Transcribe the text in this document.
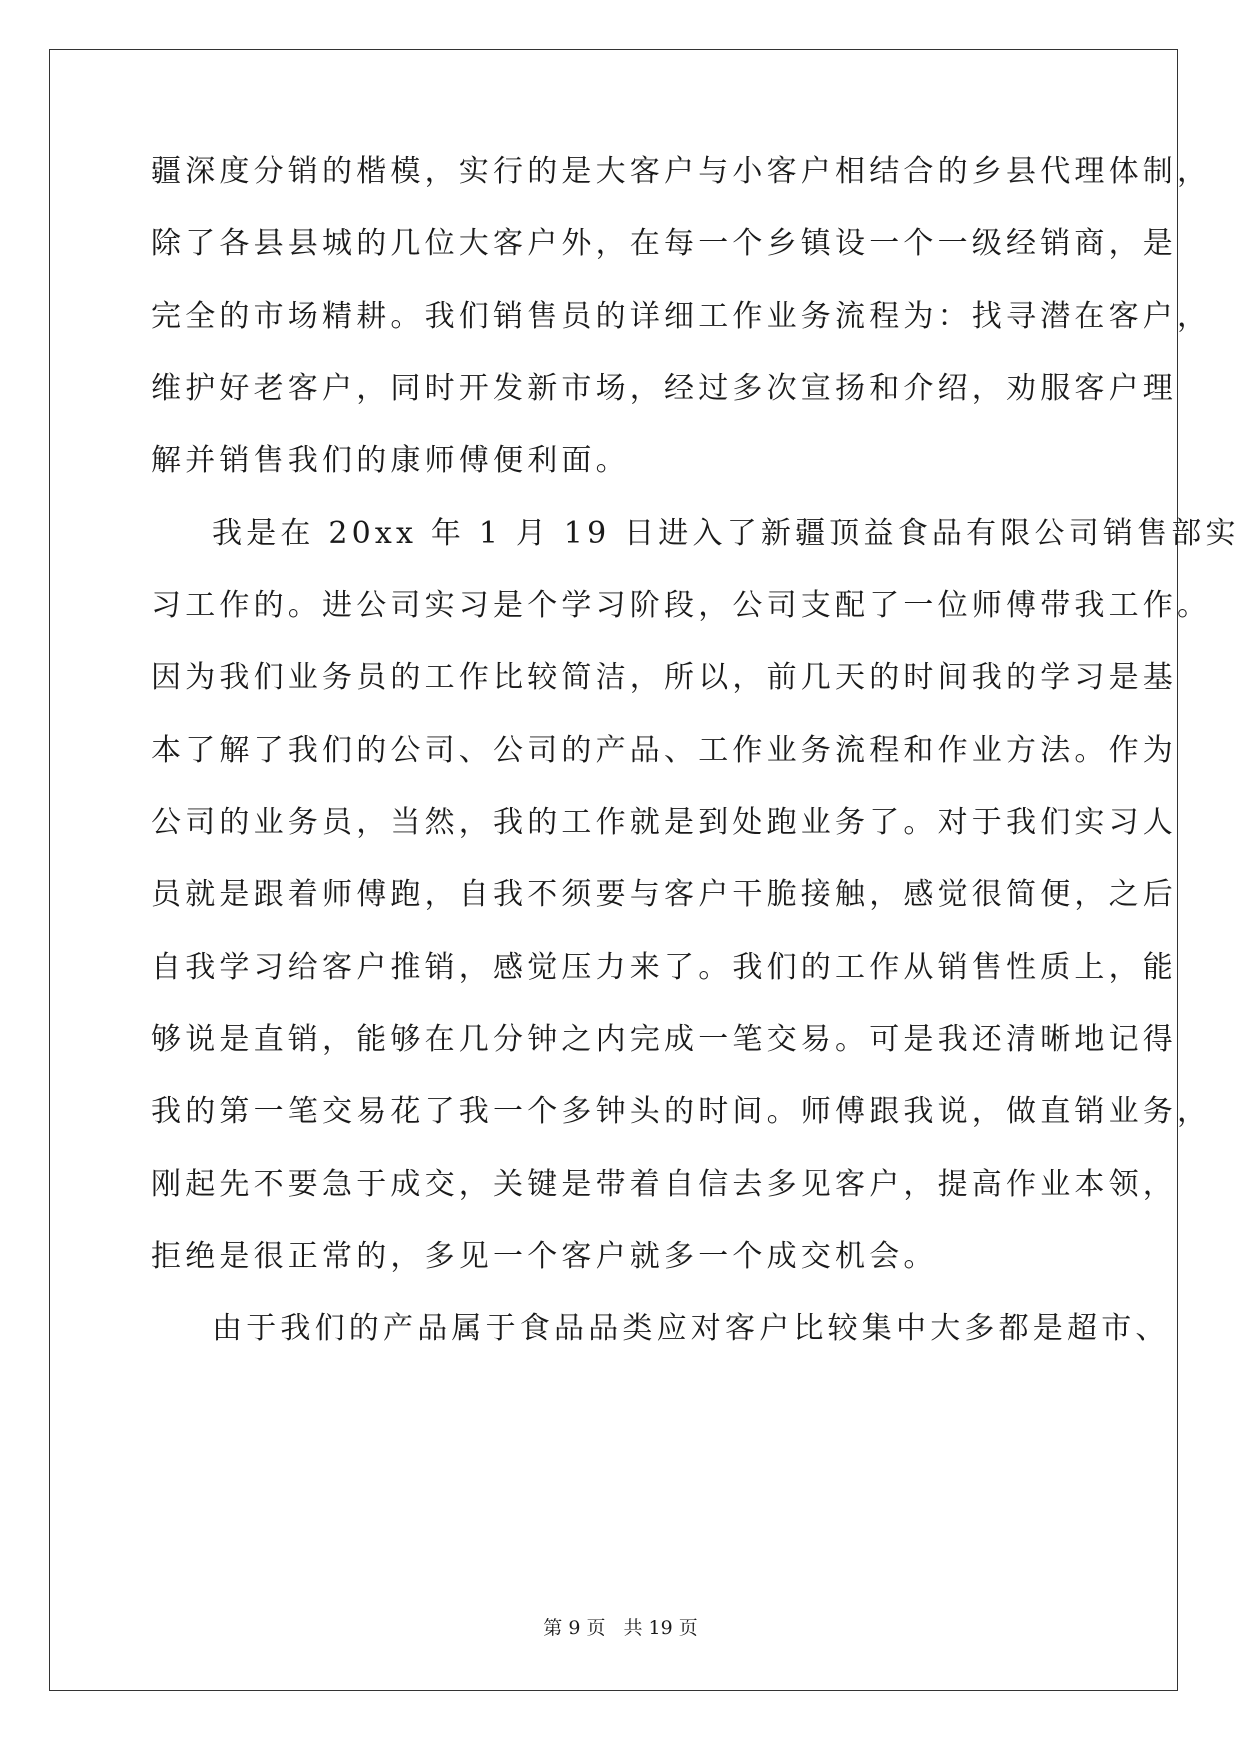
疆深度分销的楷模，实行的是大客户与小客户相结合的乡县代理体制，
除了各县县城的几位大客户外，在每一个乡镇设一个一级经销商，是
完全的市场精耕。我们销售员的详细工作业务流程为：找寻潜在客户，
维护好老客户，同时开发新市场，经过多次宣扬和介绍，劝服客户理
解并销售我们的康师傅便利面。
我是在 20xx 年 1 月 19 日进入了新疆顶益食品有限公司销售部实
习工作的。进公司实习是个学习阶段，公司支配了一位师傅带我工作。
因为我们业务员的工作比较简洁，所以，前几天的时间我的学习是基
本了解了我们的公司、公司的产品、工作业务流程和作业方法。作为
公司的业务员，当然，我的工作就是到处跑业务了。对于我们实习人
员就是跟着师傅跑，自我不须要与客户干脆接触，感觉很简便，之后
自我学习给客户推销，感觉压力来了。我们的工作从销售性质上，能
够说是直销，能够在几分钟之内完成一笔交易。可是我还清晰地记得
我的第一笔交易花了我一个多钟头的时间。师傅跟我说，做直销业务，
刚起先不要急于成交，关键是带着自信去多见客户，提高作业本领，
拒绝是很正常的，多见一个客户就多一个成交机会。
由于我们的产品属于食品品类应对客户比较集中大多都是超市、
第 9 页 共 19 页
